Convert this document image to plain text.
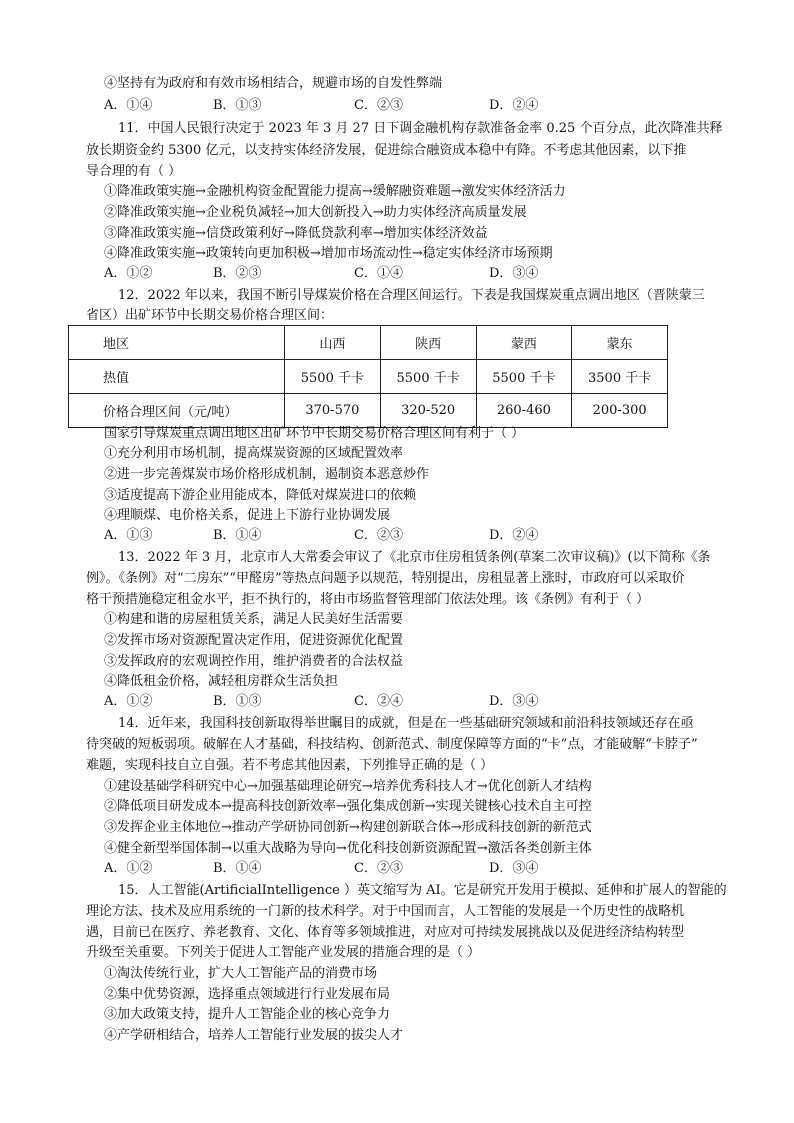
④坚持有为政府和有效市场相结合，规避市场的自发性弊端
A．①④	B．①③	C．②③	D．②④
11．中国人民银行决定于 2023 年 3 月 27 日下调金融机构存款准备金率 0.25 个百分点，此次降准共释
放长期资金约 5300 亿元，以支持实体经济发展，促进综合融资成本稳中有降。不考虑其他因素，以下推
导合理的有（ ）
①降准政策实施→金融机构资金配置能力提高→缓解融资难题→激发实体经济活力
②降准政策实施→企业税负减轻→加大创新投入→助力实体经济高质量发展
③降准政策实施→信贷政策利好→降低贷款利率→增加实体经济效益
④降准政策实施→政策转向更加积极→增加市场流动性→稳定实体经济市场预期
A．①②	B．②③	C．①④	D．③④
12．2022 年以来，我国不断引导煤炭价格在合理区间运行。下表是我国煤炭重点调出地区（晋陕蒙三
省区）出矿环节中长期交易价格合理区间：
地区	山西	陕西	蒙西	蒙东
热值	5500 千卡	5500 千卡	5500 千卡	3500 千卡
价格合理区间（元/吨）	370-570	320-520	260-460	200-300
国家引导煤炭重点调出地区出矿环节中长期交易价格合理区间有利于（ ）
①充分利用市场机制，提高煤炭资源的区域配置效率
②进一步完善煤炭市场价格形成机制，遏制资本恶意炒作
③适度提高下游企业用能成本，降低对煤炭进口的依赖
④理顺煤、电价格关系，促进上下游行业协调发展
A．①③	B．①④	C．②③	D．②④
13．2022 年 3 月，北京市人大常委会审议了《北京市住房租赁条例(草案二次审议稿)》(以下简称《条
例》。《条例》对“二房东”“甲醛房”等热点问题予以规范，特别提出，房租显著上涨时，市政府可以采取价
格干预措施稳定租金水平，拒不执行的，将由市场监督管理部门依法处理。该《条例》有利于（ ）
①构建和谐的房屋租赁关系，满足人民美好生活需要
②发挥市场对资源配置决定作用，促进资源优化配置
③发挥政府的宏观调控作用，维护消费者的合法权益
④降低租金价格，减轻租房群众生活负担
A．①②	B．①③	C．②④	D．③④
14．近年来，我国科技创新取得举世瞩目的成就，但是在一些基础研究领域和前沿科技领域还存在亟
待突破的短板弱项。破解在人才基础，科技结构、创新范式、制度保障等方面的“卡”点，才能破解“卡脖子”
难题，实现科技自立自强。若不考虑其他因素，下列推导正确的是（ ）
①建设基础学科研究中心→加强基础理论研究→培养优秀科技人才→优化创新人才结构
②降低项目研发成本→提高科技创新效率→强化集成创新→实现关键核心技术自主可控
③发挥企业主体地位→推动产学研协同创新→构建创新联合体→形成科技创新的新范式
④健全新型举国体制→以重大战略为导向→优化科技创新资源配置→激活各类创新主体
A．①②	B．①④	C．②③	D．③④
15．人工智能(ArtificialIntelligence ）英文缩写为 AI。它是研究开发用于模拟、延伸和扩展人的智能的
理论方法、技术及应用系统的一门新的技术科学。对于中国而言，人工智能的发展是一个历史性的战略机
遇，目前已在医疗、养老教育、文化、体育等多领域推进，对应对可持续发展挑战以及促进经济结构转型
升级至关重要。下列关于促进人工智能产业发展的措施合理的是（ ）
①淘汰传统行业，扩大人工智能产品的消费市场
②集中优势资源，选择重点领域进行行业发展布局
③加大政策支持，提升人工智能企业的核心竞争力
④产学研相结合，培养人工智能行业发展的拔尖人才
